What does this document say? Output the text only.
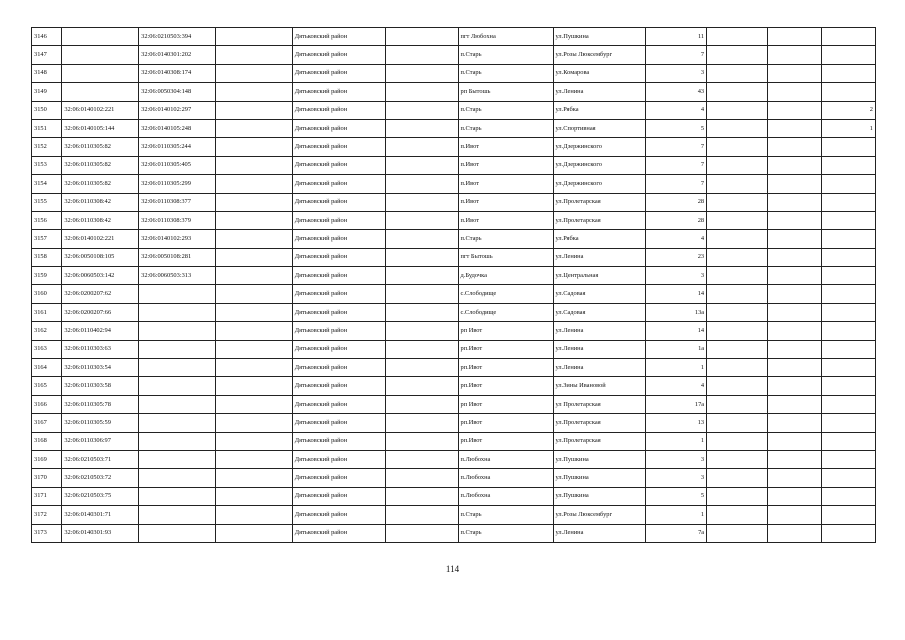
3146		32:06:0210503:394		Дятьковский район		пгт Любохна	ул.Пушкина	11			
3147		32:06:0140301:202		Дятьковский район		п.Старь	ул.Розы Люксембург	7			
3148		32:06:0140308:174		Дятьковский район		п.Старь	ул.Комарова	3			
3149		32:06:0050304:148		Дятьковский район		рп Бытошь	ул.Ленина	43			
3150	32:06:0140102:221	32:06:0140102:297		Дятьковский район		п.Старь	ул.Рябка	4			2
3151	32:06:0140105:144	32:06:0140105:248		Дятьковский район		п.Старь	ул.Спортивная	5			1
3152	32:06:0110305:82	32:06:0110305:244		Дятьковский район		п.Ивот	ул.Дзержинского	7			
3153	32:06:0110305:82	32:06:0110305:405		Дятьковский район		п.Ивот	ул.Дзержинского	7			
3154	32:06:0110305:82	32:06:0110305:299		Дятьковский район		п.Ивот	ул.Дзержинского	7			
3155	32:06:0110308:42	32:06:0110308:377		Дятьковский район		п.Ивот	ул.Пролетарская	28			
3156	32:06:0110308:42	32:06:0110308:379		Дятьковский район		п.Ивот	ул.Пролетарская	28			
3157	32:06:0140102:221	32:06:0140102:293		Дятьковский район		п.Старь	ул.Рябка	4			
3158	32:06:0050108:105	32:06:0050108:281		Дятьковский район		пгт Бытошь	ул.Ленина	23			
3159	32:06:0060503:142	32:06:0060503:313		Дятьковский район		д.Будочка	ул.Центральная	3			
3160	32:06:0200207:62			Дятьковский район		с.Слободище	ул.Садовая	14			
3161	32:06:0200207:66			Дятьковский район		с.Слободище	ул.Садовая	13а			
3162	32:06:0110402:94			Дятьковский район		рп Ивот	ул.Ленина	14			
3163	32:06:0110303:63			Дятьковский район		рп.Ивот	ул.Ленина	1а			
3164	32:06:0110303:54			Дятьковский район		рп.Ивот	ул.Ленина	1			
3165	32:06:0110303:58			Дятьковский район		рп.Ивот	ул.Зины Ивановой	4			
3166	32:06:0110305:78			Дятьковский район		рп Ивот	ул Пролетарская	17а			
3167	32:06:0110305:59			Дятьковский район		рп.Ивот	ул.Пролетарская	13			
3168	32:06:0110306:97			Дятьковский район		рп.Ивот	ул.Пролетарская	1			
3169	32:06:0210503:71			Дятьковский район		п.Любохна	ул.Пушкина	3			
3170	32:06:0210503:72			Дятьковский район		п.Любохна	ул.Пушкина	3			
3171	32:06:0210503:75			Дятьковский район		п.Любохна	ул.Пушкина	5			
3172	32:06:0140301:71			Дятьковский район		п.Старь	ул.Розы Люксембург	1			
3173	32:06:0140301:93			Дятьковский район		п.Старь	ул.Ленина	7а			
114
